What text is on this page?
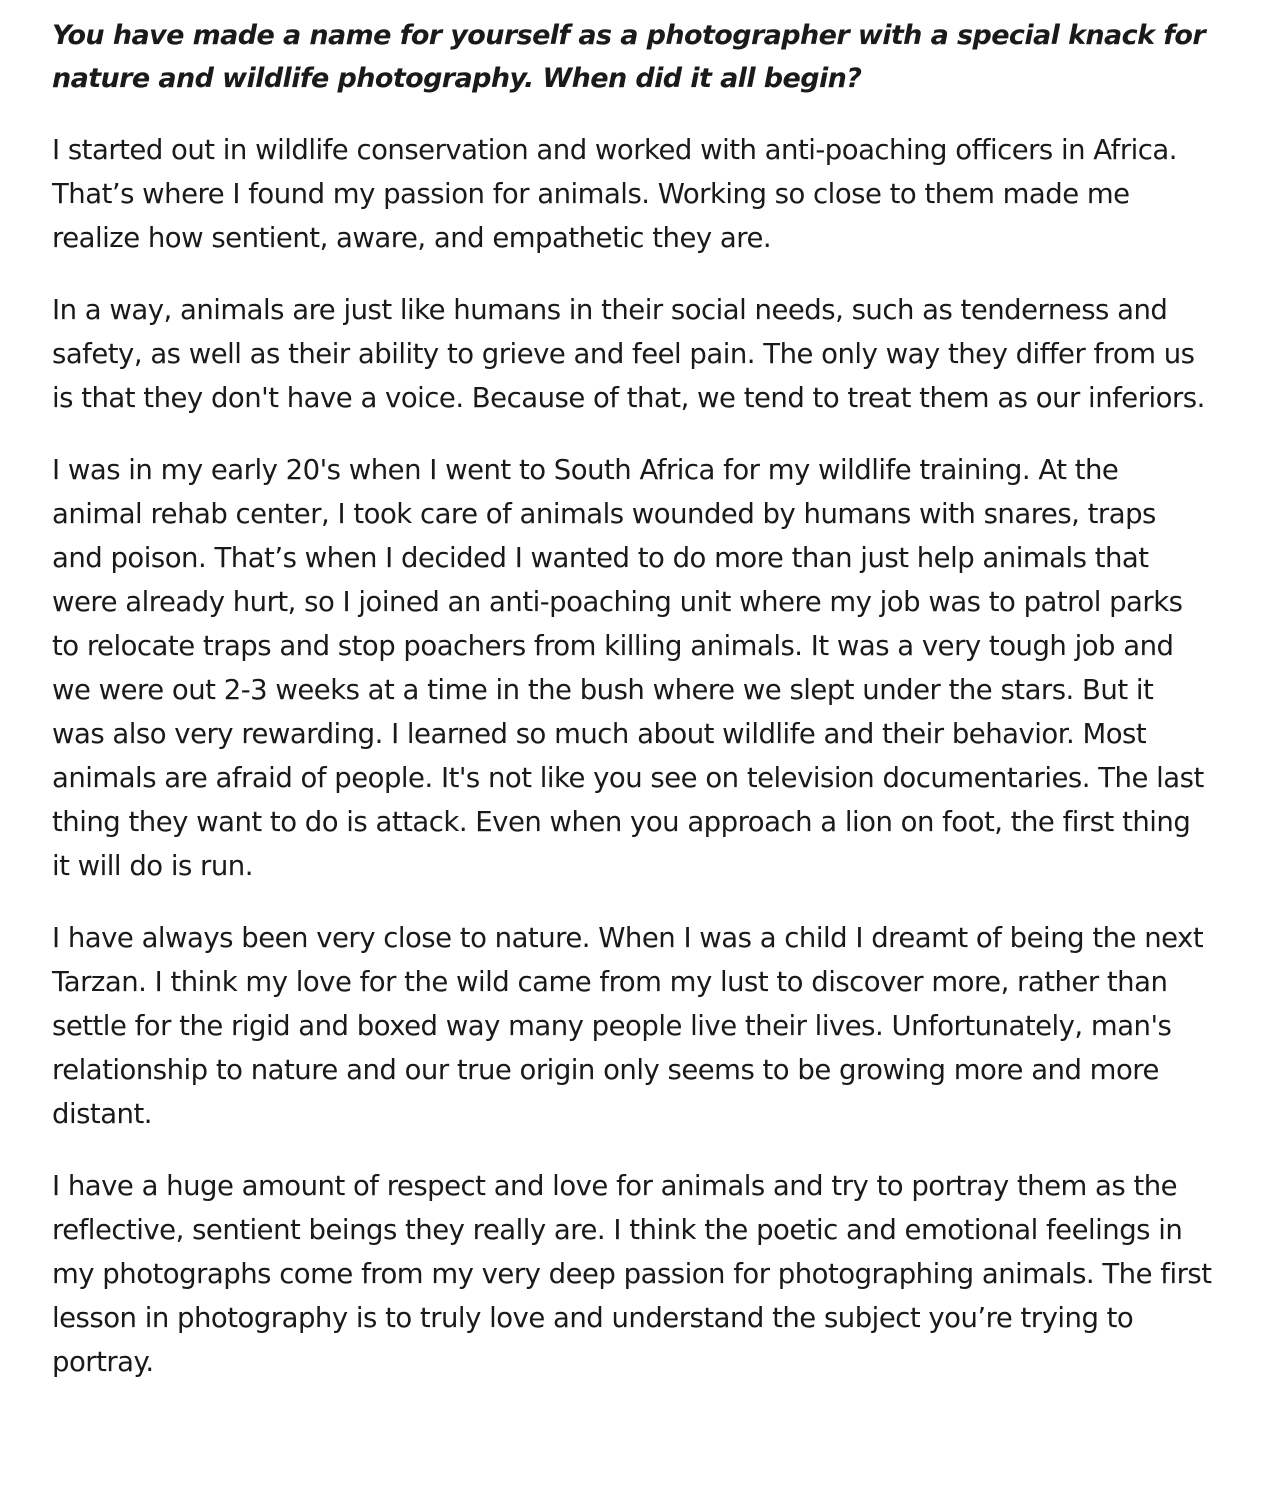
You have made a name for yourself as a photographer with a special knack for nature and wildlife photography. When did it all begin?

I started out in wildlife conservation and worked with anti-poaching officers in Africa. That’s where I found my passion for animals. Working so close to them made me realize how sentient, aware, and empathetic they are.

In a way, animals are just like humans in their social needs, such as tenderness and safety, as well as their ability to grieve and feel pain. The only way they differ from us is that they don't have a voice. Because of that, we tend to treat them as our inferiors.

I was in my early 20's when I went to South Africa for my wildlife training. At the animal rehab center, I took care of animals wounded by humans with snares, traps and poison. That’s when I decided I wanted to do more than just help animals that were already hurt, so I joined an anti-poaching unit where my job was to patrol parks to relocate traps and stop poachers from killing animals. It was a very tough job and we were out 2-3 weeks at a time in the bush where we slept under the stars. But it was also very rewarding. I learned so much about wildlife and their behavior. Most animals are afraid of people. It's not like you see on television documentaries. The last thing they want to do is attack. Even when you approach a lion on foot, the first thing it will do is run.

I have always been very close to nature. When I was a child I dreamt of being the next Tarzan. I think my love for the wild came from my lust to discover more, rather than settle for the rigid and boxed way many people live their lives. Unfortunately, man's relationship to nature and our true origin only seems to be growing more and more distant.

I have a huge amount of respect and love for animals and try to portray them as the reflective, sentient beings they really are. I think the poetic and emotional feelings in my photographs come from my very deep passion for photographing animals. The first lesson in photography is to truly love and understand the subject you’re trying to portray.
